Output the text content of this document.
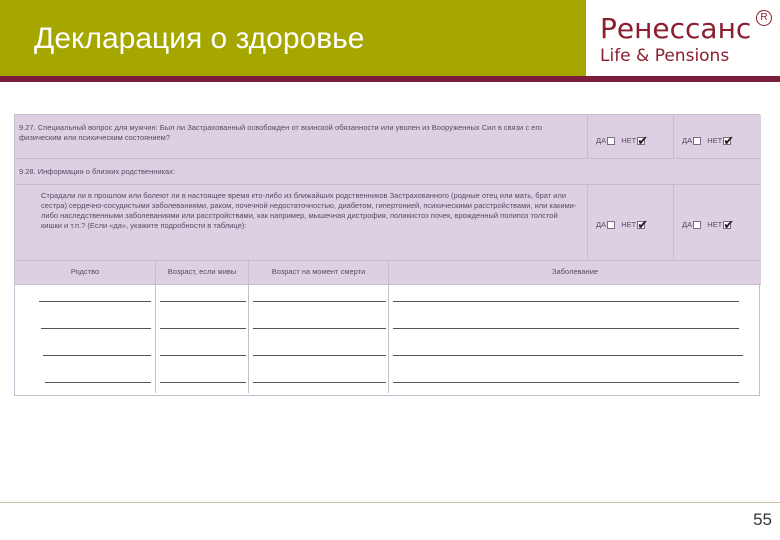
Декларация о здоровье	Ренессанс R
Life & Pensions
9.27. Специальный вопрос для мужчин: Был ли Застрахованный освобожден от воинской обязанности или уволен из Вооруженных Сил в связи с его физическим или психическим состоянием?	ДА НЕТ✔	ДА НЕТ✔
9.28. Информация о близких родственниках:
Страдали ли в прошлом или болеют ли в настоящее время кто-либо из ближайших родственников Застрахованного (родные отец или мать, брат или сестра) сердечно-сосудистыми заболеваниями, раком, почечной недостаточностью, диабетом, гипертонией, психическими расстройствами, или какими-либо наследственными заболеваниями или расстройствами, как например, мышечная дистрофия, поликистоз почек, врожденный полипоз толстой кишки и т.п.? (Если «да», укажите подробности в таблице):	ДА НЕТ✔	ДА НЕТ✔
Родство	Возраст, если живы	Возраст на момент смерти	Заболевание
55
